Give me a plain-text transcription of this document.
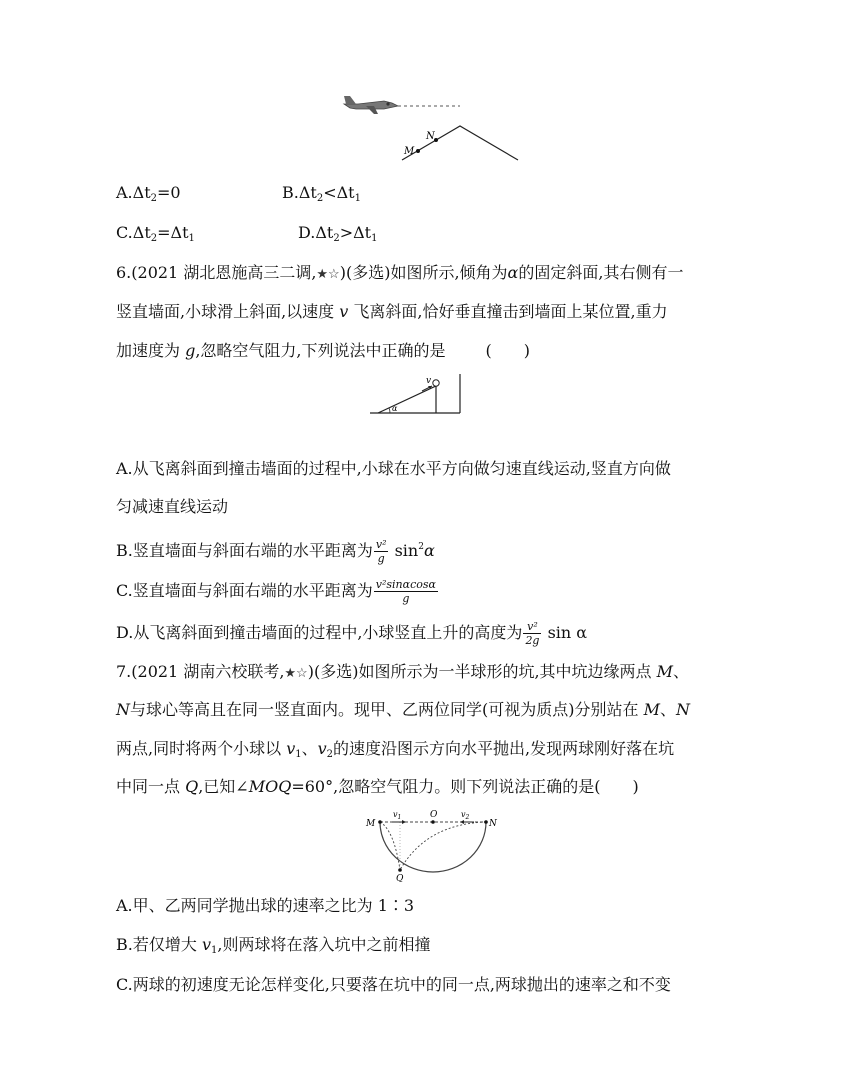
M
N
$A.\Delta t_2=0$	$B.\Delta t_2<\Delta t_1$
$C.\Delta t_2=\Delta t_1$	$D.\Delta t_2>\Delta t_1$
6.(2021 湖北恩施高三二调,★☆)(多选)如图所示,倾角为α的固定斜面,其右侧有一
竖直墙面,小球滑上斜面,以速度 v 飞离斜面,恰好垂直撞击到墙面上某位置,重力
加速度为 g,忽略空气阻力,下列说法中正确的是	(　　)
v
α
A.从飞离斜面到撞击墙面的过程中,小球在水平方向做匀速直线运动,竖直方向做
匀减速直线运动
B.竖直墙面与斜面右端的水平距离为 $\frac{\text{v²}}{g} \sin^2\alpha$
C.竖直墙面与斜面右端的水平距离为 $\frac{\text{v²sinαcosα}}{g}$
D.从飞离斜面到撞击墙面的过程中,小球竖直上升的高度为 $\frac{\text{v²}}{2g}$ sin α
7.(2021 湖南六校联考,★☆)(多选)如图所示为一半球形的坑,其中坑边缘两点 M、
N与球心等高且在同一竖直面内。现甲、乙两位同学(可视为质点)分别站在 M、N
两点,同时将两个小球以 $v_1$、$v_2$的速度沿图示方向水平抛出,发现两球刚好落在坑
中同一点 Q,已知∠MOQ=60°,忽略空气阻力。则下列说法正确的是(　　)
M	N
O
Q
$v_1$	$v_2$
A.甲、乙两同学抛出球的速率之比为 1∶3
B.若仅增大 $v_1$,则两球将在落入坑中之前相撞
C.两球的初速度无论怎样变化,只要落在坑中的同一点,两球抛出的速率之和不变
